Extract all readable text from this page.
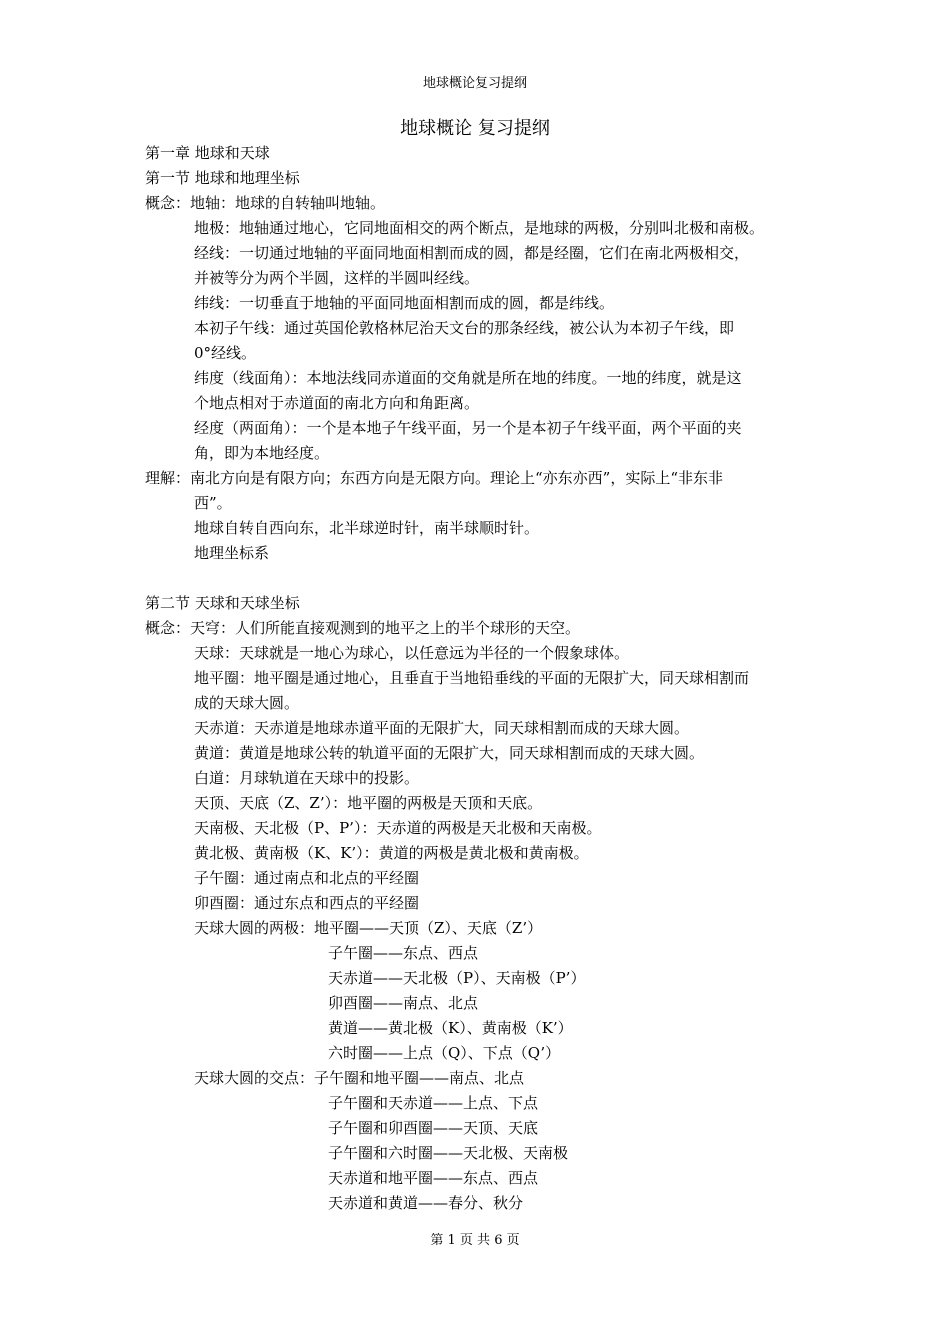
地球概论复习提纲
地球概论 复习提纲
第一章 地球和天球
第一节 地球和地理坐标
概念：地轴：地球的自转轴叫地轴。
地极：地轴通过地心，它同地面相交的两个断点，是地球的两极，分别叫北极和南极。
经线：一切通过地轴的平面同地面相割而成的圆，都是经圈，它们在南北两极相交，
并被等分为两个半圆，这样的半圆叫经线。
纬线：一切垂直于地轴的平面同地面相割而成的圆，都是纬线。
本初子午线：通过英国伦敦格林尼治天文台的那条经线，被公认为本初子午线，即
0°经线。
纬度（线面角）：本地法线同赤道面的交角就是所在地的纬度。一地的纬度，就是这
个地点相对于赤道面的南北方向和角距离。
经度（两面角）：一个是本地子午线平面，另一个是本初子午线平面，两个平面的夹
角，即为本地经度。
理解：南北方向是有限方向；东西方向是无限方向。理论上“亦东亦西”，实际上“非东非
西”。
地球自转自西向东，北半球逆时针，南半球顺时针。
地理坐标系
第二节 天球和天球坐标
概念：天穹：人们所能直接观测到的地平之上的半个球形的天空。
天球：天球就是一地心为球心，以任意远为半径的一个假象球体。
地平圈：地平圈是通过地心，且垂直于当地铅垂线的平面的无限扩大，同天球相割而
成的天球大圆。
天赤道：天赤道是地球赤道平面的无限扩大，同天球相割而成的天球大圆。
黄道：黄道是地球公转的轨道平面的无限扩大，同天球相割而成的天球大圆。
白道：月球轨道在天球中的投影。
天顶、天底（Z、Z’）：地平圈的两极是天顶和天底。
天南极、天北极（P、P’）：天赤道的两极是天北极和天南极。
黄北极、黄南极（K、K’）：黄道的两极是黄北极和黄南极。
子午圈：通过南点和北点的平经圈
卯酉圈：通过东点和西点的平经圈
天球大圆的两极：地平圈——天顶（Z）、天底（Z’）
子午圈——东点、西点
天赤道——天北极（P）、天南极（P’）
卯酉圈——南点、北点
黄道——黄北极（K）、黄南极（K’）
六时圈——上点（Q）、下点（Q’）
天球大圆的交点：子午圈和地平圈——南点、北点
子午圈和天赤道——上点、下点
子午圈和卯酉圈——天顶、天底
子午圈和六时圈——天北极、天南极
天赤道和地平圈——东点、西点
天赤道和黄道——春分、秋分
第 1 页 共 6 页
